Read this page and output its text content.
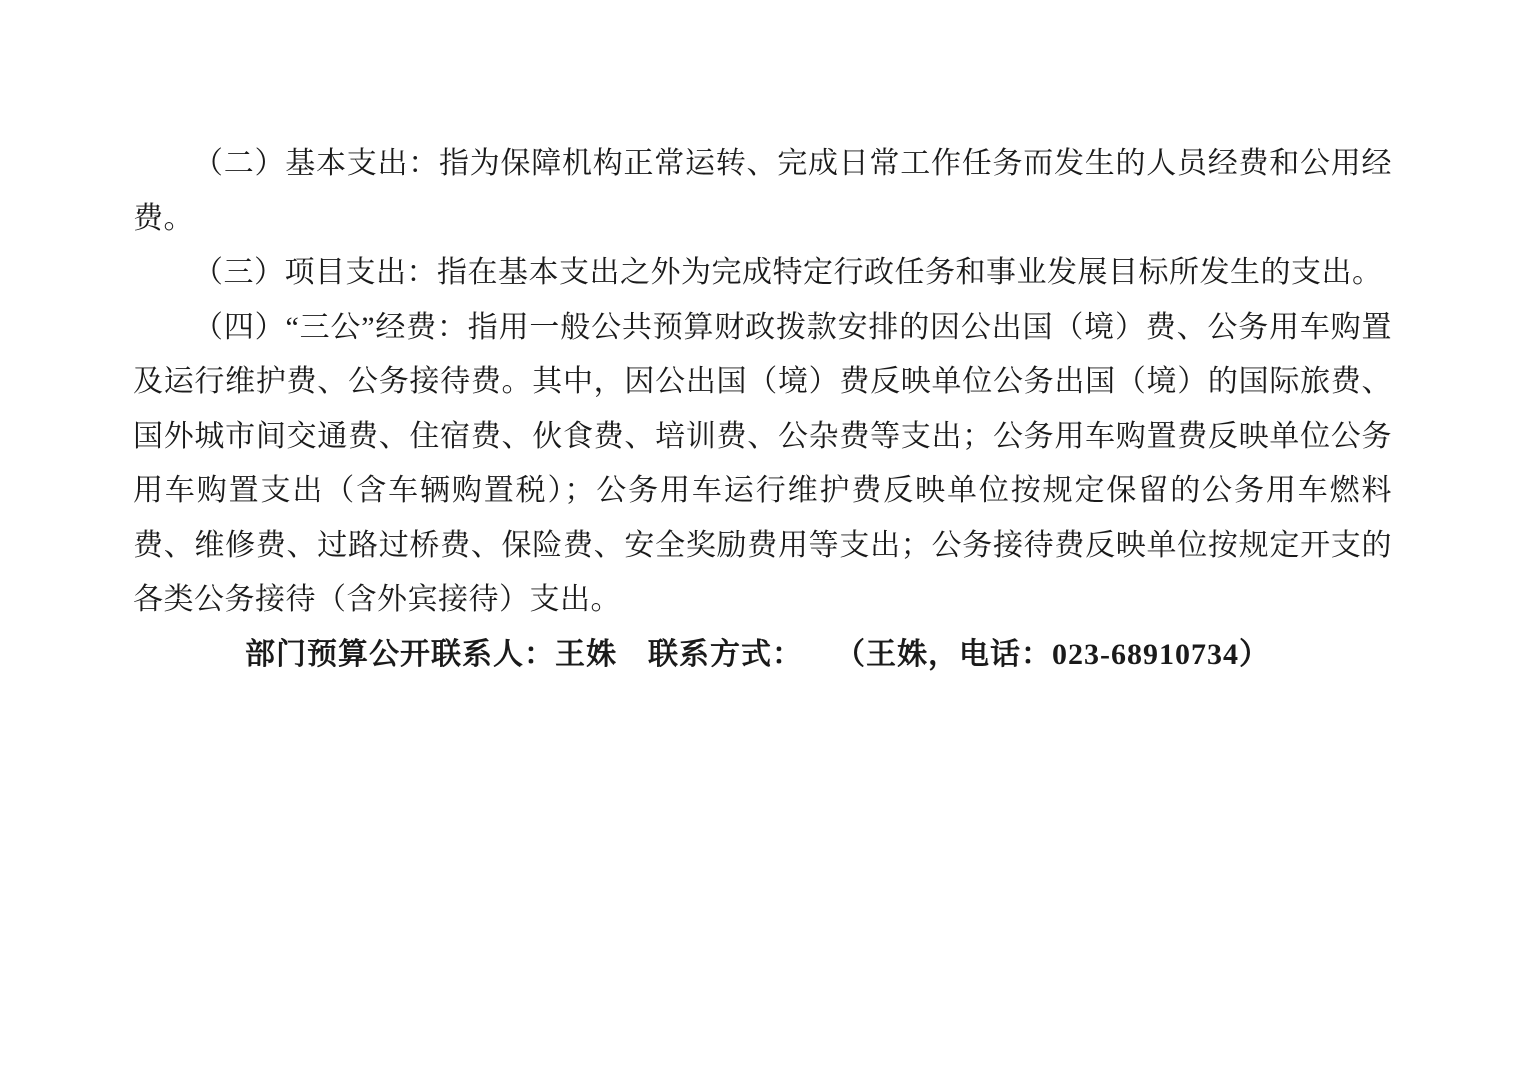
（二）基本支出：指为保障机构正常运转、完成日常工作任务而发生的人员经费和公用经费。

（三）项目支出：指在基本支出之外为完成特定行政任务和事业发展目标所发生的支出。

（四）“三公”经费：指用一般公共预算财政拨款安排的因公出国（境）费、公务用车购置及运行维护费、公务接待费。其中，因公出国（境）费反映单位公务出国（境）的国际旅费、国外城市间交通费、住宿费、伙食费、培训费、公杂费等支出；公务用车购置费反映单位公务用车购置支出（含车辆购置税）；公务用车运行维护费反映单位按规定保留的公务用车燃料费、维修费、过路过桥费、保险费、安全奖励费用等支出；公务接待费反映单位按规定开支的各类公务接待（含外宾接待）支出。

部门预算公开联系人：王姝　联系方式：　　（王姝，电话：023-68910734）
